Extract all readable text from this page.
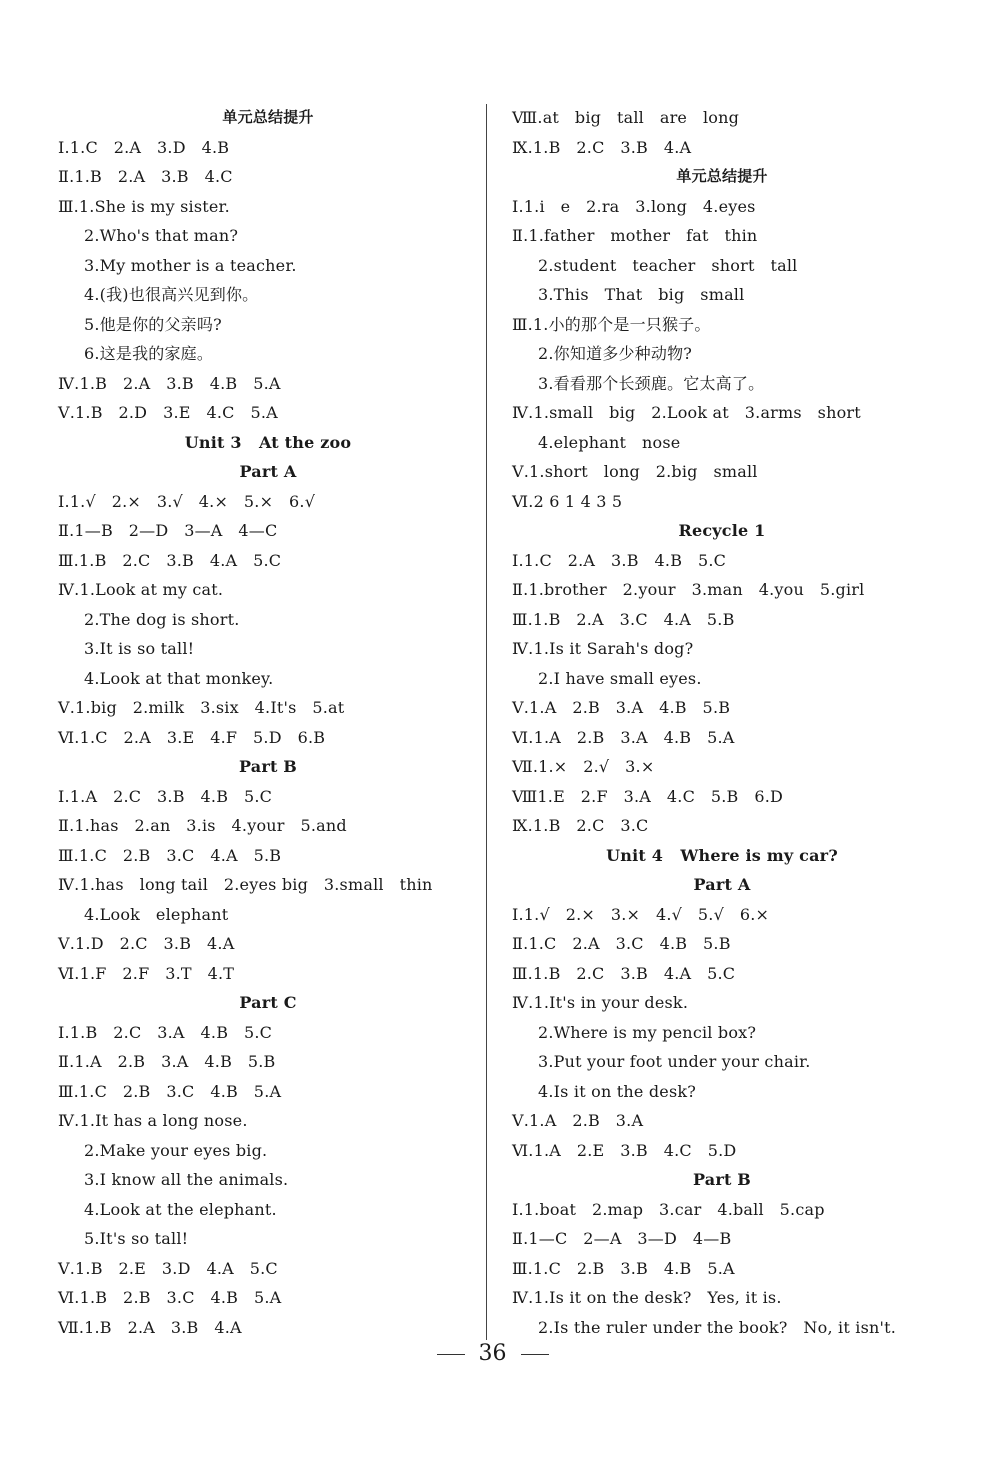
单元总结提升
Ⅰ.1.C   2.A   3.D   4.B
Ⅱ.1.B   2.A   3.B   4.C
Ⅲ.1.She is my sister.
2.Who's that man?
3.My mother is a teacher.
4.(我)也很高兴见到你。
5.他是你的父亲吗?
6.这是我的家庭。
Ⅳ.1.B   2.A   3.B   4.B   5.A
Ⅴ.1.B   2.D   3.E   4.C   5.A
Unit 3   At the zoo
Part A
Ⅰ.1.√   2.×   3.√   4.×   5.×   6.√
Ⅱ.1—B   2—D   3—A   4—C
Ⅲ.1.B   2.C   3.B   4.A   5.C
Ⅳ.1.Look at my cat.
2.The dog is short.
3.It is so tall!
4.Look at that monkey.
Ⅴ.1.big   2.milk   3.six   4.It's   5.at
Ⅵ.1.C   2.A   3.E   4.F   5.D   6.B
Part B
Ⅰ.1.A   2.C   3.B   4.B   5.C
Ⅱ.1.has   2.an   3.is   4.your   5.and
Ⅲ.1.C   2.B   3.C   4.A   5.B
Ⅳ.1.has   long tail   2.eyes big   3.small   thin
4.Look   elephant
Ⅴ.1.D   2.C   3.B   4.A
Ⅵ.1.F   2.F   3.T   4.T
Part C
Ⅰ.1.B   2.C   3.A   4.B   5.C
Ⅱ.1.A   2.B   3.A   4.B   5.B
Ⅲ.1.C   2.B   3.C   4.B   5.A
Ⅳ.1.It has a long nose.
2.Make your eyes big.
3.I know all the animals.
4.Look at the elephant.
5.It's so tall!
Ⅴ.1.B   2.E   3.D   4.A   5.C
Ⅵ.1.B   2.B   3.C   4.B   5.A
Ⅶ.1.B   2.A   3.B   4.A
Ⅷ.at   big   tall   are   long
Ⅸ.1.B   2.C   3.B   4.A
单元总结提升
Ⅰ.1.i   e   2.ra   3.long   4.eyes
Ⅱ.1.father   mother   fat   thin
2.student   teacher   short   tall
3.This   That   big   small
Ⅲ.1.小的那个是一只猴子。
2.你知道多少种动物?
3.看看那个长颈鹿。它太高了。
Ⅳ.1.small   big   2.Look at   3.arms   short
4.elephant   nose
Ⅴ.1.short   long   2.big   small
Ⅵ.2 6 1 4 3 5
Recycle 1
Ⅰ.1.C   2.A   3.B   4.B   5.C
Ⅱ.1.brother   2.your   3.man   4.you   5.girl
Ⅲ.1.B   2.A   3.C   4.A   5.B
Ⅳ.1.Is it Sarah's dog?
2.I have small eyes.
Ⅴ.1.A   2.B   3.A   4.B   5.B
Ⅵ.1.A   2.B   3.A   4.B   5.A
Ⅶ.1.×   2.√   3.×
Ⅷ1.E   2.F   3.A   4.C   5.B   6.D
Ⅸ.1.B   2.C   3.C
Unit 4   Where is my car?
Part A
Ⅰ.1.√   2.×   3.×   4.√   5.√   6.×
Ⅱ.1.C   2.A   3.C   4.B   5.B
Ⅲ.1.B   2.C   3.B   4.A   5.C
Ⅳ.1.It's in your desk.
2.Where is my pencil box?
3.Put your foot under your chair.
4.Is it on the desk?
Ⅴ.1.A   2.B   3.A
Ⅵ.1.A   2.E   3.B   4.C   5.D
Part B
Ⅰ.1.boat   2.map   3.car   4.ball   5.cap
Ⅱ.1—C   2—A   3—D   4—B
Ⅲ.1.C   2.B   3.B   4.B   5.A
Ⅳ.1.Is it on the desk?   Yes, it is.
2.Is the ruler under the book?   No, it isn't.
36
